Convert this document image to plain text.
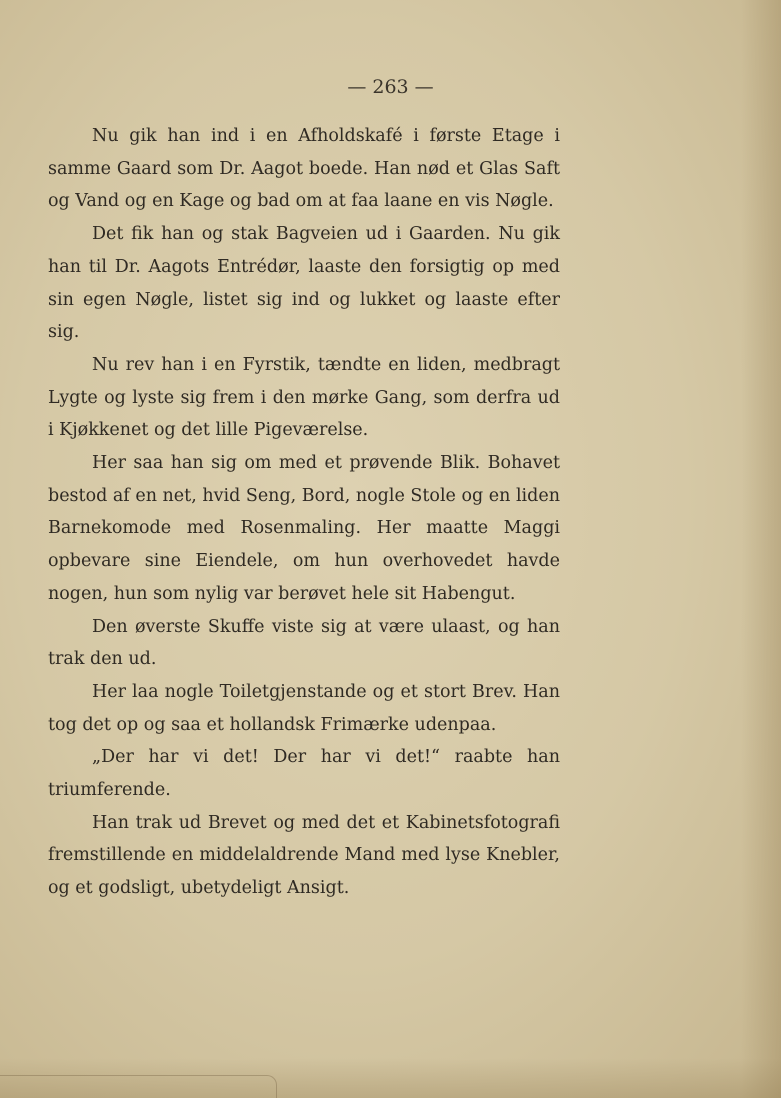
— 263 —

Nu gik han ind i en Afholdskafé i første Etage i samme Gaard som Dr. Aagot boede. Han nød et Glas Saft og Vand og en Kage og bad om at faa laane en vis Nøgle.

Det fik han og stak Bagveien ud i Gaarden. Nu gik han til Dr. Aagots Entrédør, laaste den forsigtig op med sin egen Nøgle, listet sig ind og lukket og laaste efter sig.

Nu rev han i en Fyrstik, tændte en liden, medbragt Lygte og lyste sig frem i den mørke Gang, som derfra ud i Kjøkkenet og det lille Pigeværelse.

Her saa han sig om med et prøvende Blik. Bohavet bestod af en net, hvid Seng, Bord, nogle Stole og en liden Barnekomode med Rosenmaling. Her maatte Maggi opbevare sine Eiendele, om hun overhovedet havde nogen, hun som nylig var berøvet hele sit Habengut.

Den øverste Skuffe viste sig at være ulaast, og han trak den ud.

Her laa nogle Toiletgjenstande og et stort Brev. Han tog det op og saa et hollandsk Frimærke udenpaa.

„Der har vi det! Der har vi det!“ raabte han triumferende.

Han trak ud Brevet og med det et Kabinetsfotografi fremstillende en middelaldrende Mand med lyse Knebler, og et godsligt, ubetydeligt Ansigt.
